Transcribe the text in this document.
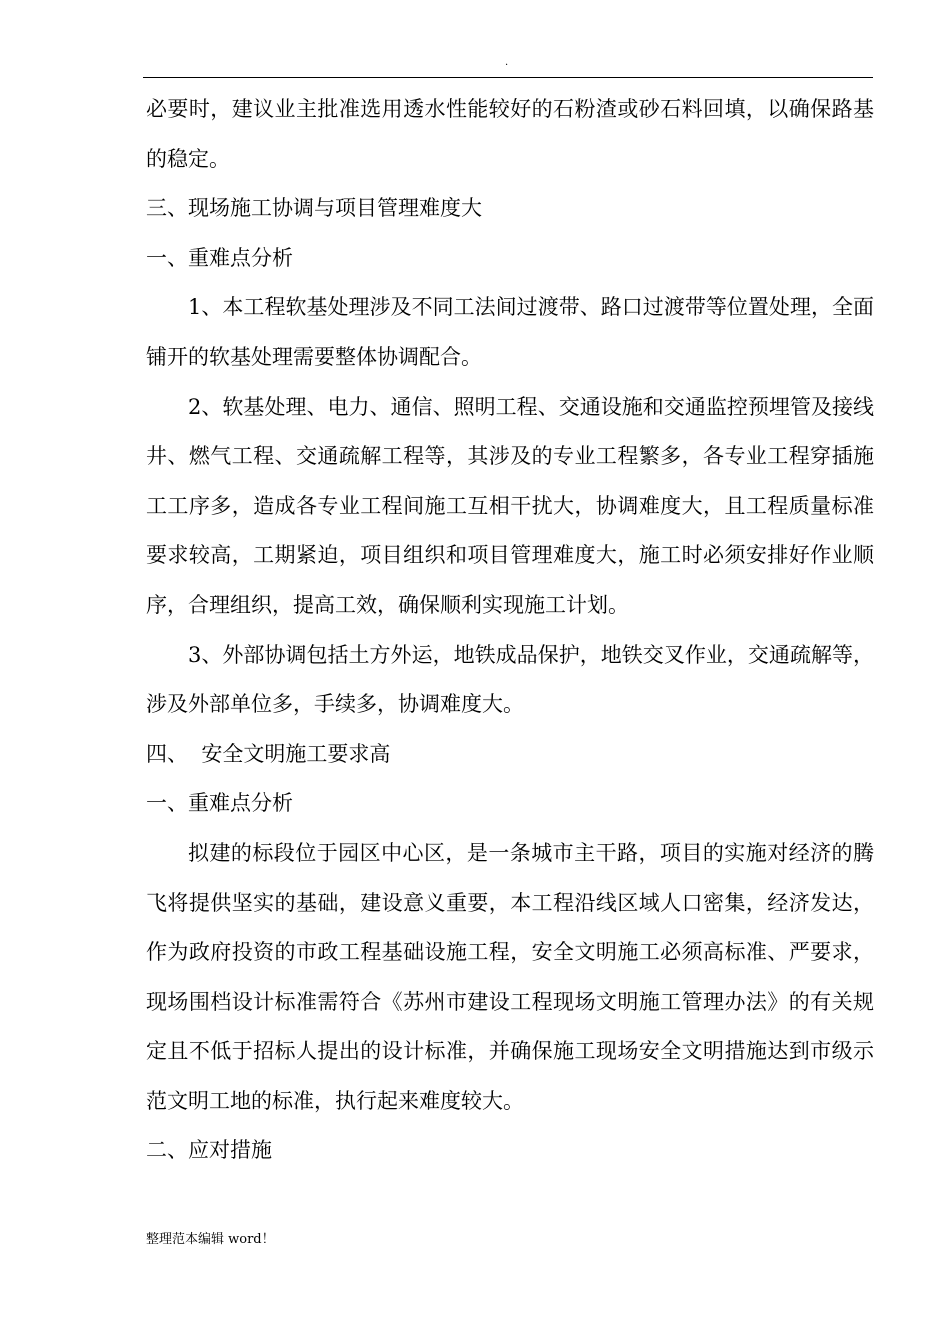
.

必要时，建议业主批准选用透水性能较好的石粉渣或砂石料回填，以确保路基的稳定。

三、现场施工协调与项目管理难度大

一、重难点分析

1、本工程软基处理涉及不同工法间过渡带、路口过渡带等位置处理，全面铺开的软基处理需要整体协调配合。

2、软基处理、电力、通信、照明工程、交通设施和交通监控预埋管及接线井、燃气工程、交通疏解工程等，其涉及的专业工程繁多，各专业工程穿插施工工序多，造成各专业工程间施工互相干扰大，协调难度大，且工程质量标准要求较高，工期紧迫，项目组织和项目管理难度大，施工时必须安排好作业顺序，合理组织，提高工效，确保顺利实现施工计划。

3、外部协调包括土方外运，地铁成品保护，地铁交叉作业，交通疏解等，涉及外部单位多，手续多，协调难度大。

四、  安全文明施工要求高

一、重难点分析

拟建的标段位于园区中心区，是一条城市主干路，项目的实施对经济的腾飞将提供坚实的基础，建设意义重要，本工程沿线区域人口密集，经济发达，作为政府投资的市政工程基础设施工程，安全文明施工必须高标准、严要求，现场围档设计标准需符合《苏州市建设工程现场文明施工管理办法》的有关规定且不低于招标人提出的设计标准，并确保施工现场安全文明措施达到市级示范文明工地的标准，执行起来难度较大。

二、应对措施

整理范本编辑 word！
